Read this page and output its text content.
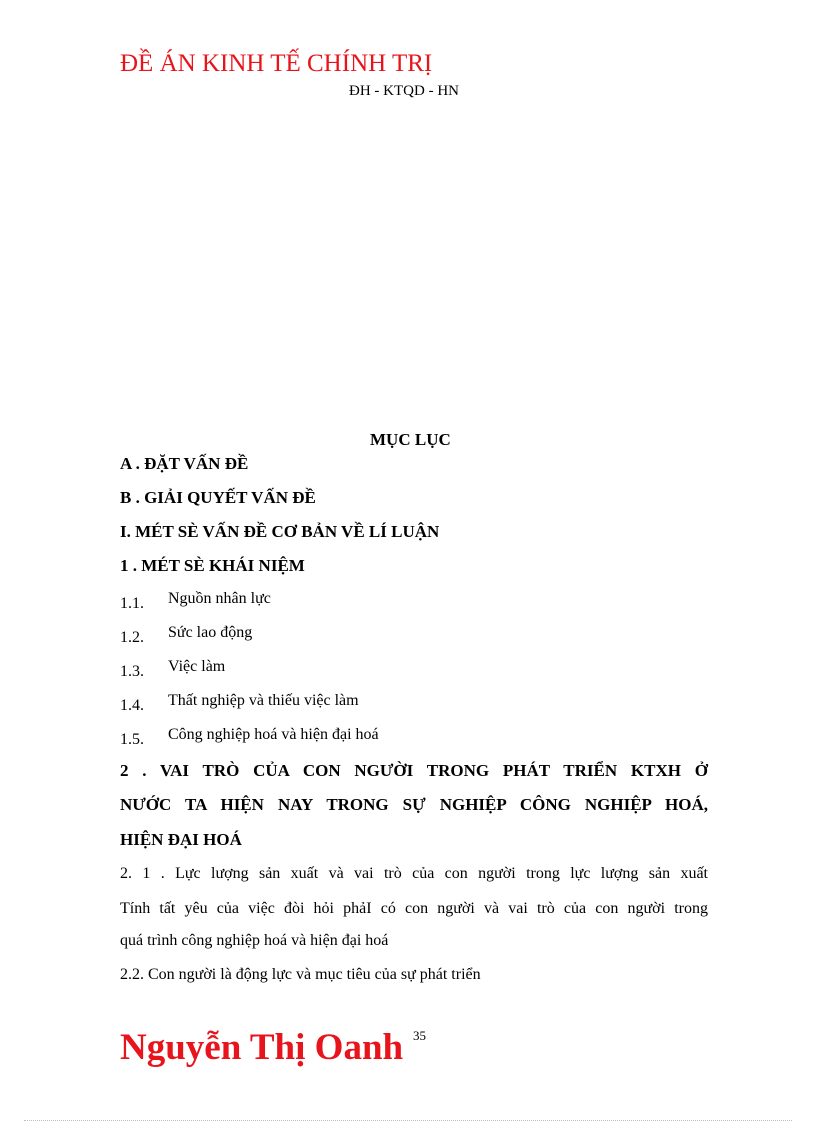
ĐỀ ÁN KINH TẾ CHÍNH TRỊ
ĐH - KTQD - HN
MỤC LỤC
A . ĐẶT VẤN ĐỀ
B . GIẢI QUYẾT VẤN ĐỀ
I. MÉT SÈ VẤN ĐỀ CƠ BẢN VỀ LÍ LUẬN
1 . MÉT SÈ KHÁI NIỆM
1.1. Nguồn nhân lực
1.2. Sức lao động
1.3. Việc làm
1.4. Thất nghiệp và thiếu việc làm
1.5. Công nghiệp hoá và hiện đại hoá
2 . VAI TRÒ CỦA CON NGƯỜI TRONG PHÁT TRIỂN KTXH Ở
NƯỚC TA HIỆN NAY TRONG SỰ NGHIỆP CÔNG NGHIỆP HOÁ,
HIỆN ĐẠI HOÁ
2. 1 . Lực lượng sản xuất và vai trò của con người trong lực lượng sản xuất
Tính tất yêu của việc đòi hỏi phảI có con người và vai trò của con người trong
quá trình công nghiệp hoá và hiện đại hoá
2.2. Con người là động lực và mục tiêu của sự phát triển
Nguyễn Thị Oanh 35
